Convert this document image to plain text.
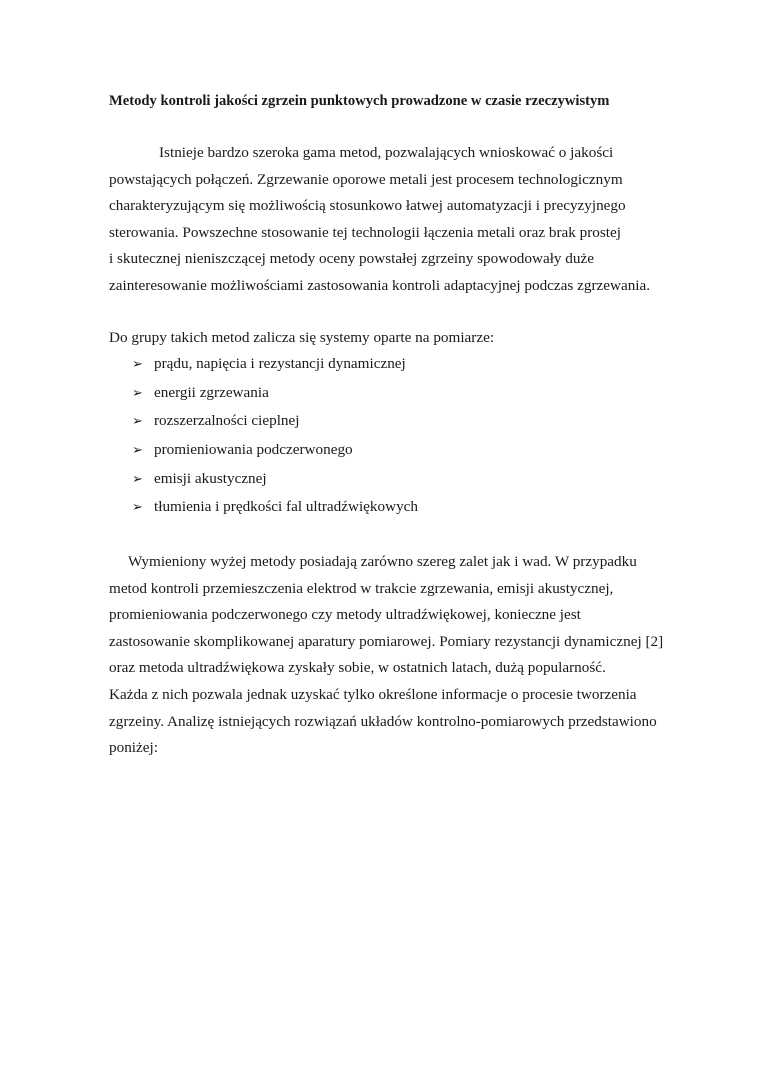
Metody kontroli jakości zgrzein punktowych prowadzone w czasie rzeczywistym
Istnieje bardzo szeroka gama metod, pozwalających wnioskować o jakości
powstających połączeń. Zgrzewanie oporowe metali jest procesem technologicznym
charakteryzującym się możliwością stosunkowo łatwej automatyzacji i precyzyjnego
sterowania. Powszechne stosowanie tej technologii łączenia metali oraz brak prostej
i skutecznej nieniszczącej metody oceny powstałej zgrzeiny spowodowały duże
zainteresowanie możliwościami zastosowania kontroli adaptacyjnej podczas zgrzewania.
Do grupy takich metod zalicza się systemy oparte na pomiarze:
➢ prądu, napięcia i rezystancji dynamicznej
➢ energii zgrzewania
➢ rozszerzalności cieplnej
➢ promieniowania podczerwonego
➢ emisji akustycznej
➢ tłumienia i prędkości fal ultradźwiękowych
Wymieniony wyżej metody posiadają zarówno szereg zalet jak i wad. W przypadku
metod kontroli przemieszczenia elektrod w trakcie zgrzewania, emisji akustycznej,
promieniowania podczerwonego czy metody ultradźwiękowej, konieczne jest
zastosowanie skomplikowanej aparatury pomiarowej. Pomiary rezystancji dynamicznej [2]
oraz metoda ultradźwiękowa zyskały sobie, w ostatnich latach, dużą popularność.
Każda z nich pozwala jednak uzyskać tylko określone informacje o procesie tworzenia
zgrzeiny. Analizę istniejących rozwiązań układów kontrolno-pomiarowych przedstawiono
poniżej:
